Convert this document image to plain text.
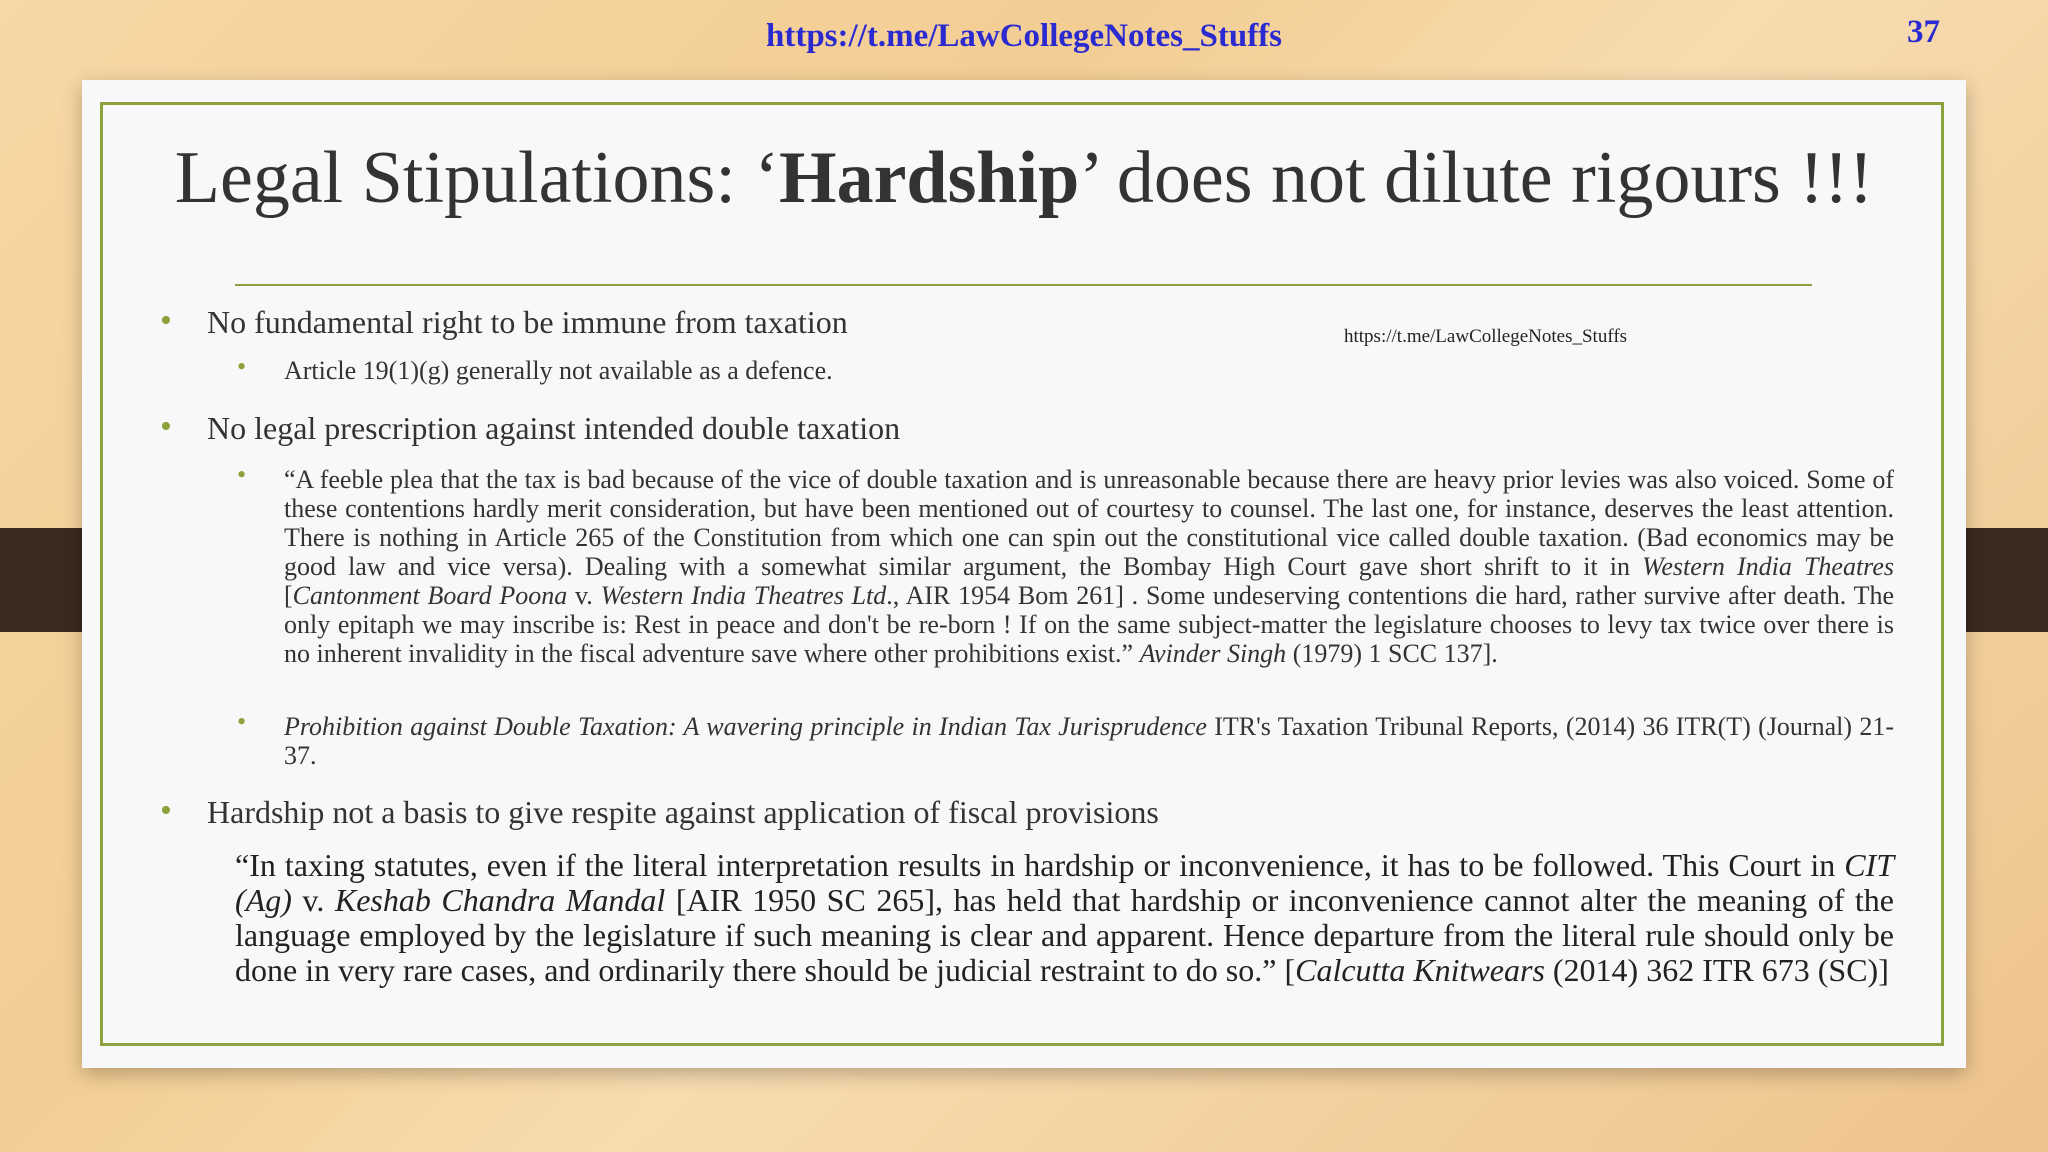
https://t.me/LawCollegeNotes_Stuffs	37
Legal Stipulations: ‘Hardship’ does not dilute rigours !!!
https://t.me/LawCollegeNotes_Stuffs
• No fundamental right to be immune from taxation
• Article 19(1)(g) generally not available as a defence.
• No legal prescription against intended double taxation
• “A feeble plea that the tax is bad because of the vice of double taxation and is unreasonable because there are heavy prior levies was also voiced. Some of these contentions hardly merit consideration, but have been mentioned out of courtesy to counsel. The last one, for instance, deserves the least attention. There is nothing in Article 265 of the Constitution from which one can spin out the constitutional vice called double taxation. (Bad economics may be good law and vice versa). Dealing with a somewhat similar argument, the Bombay High Court gave short shrift to it in Western India Theatres [Cantonment Board Poona v. Western India Theatres Ltd., AIR 1954 Bom 261] . Some undeserving contentions die hard, rather survive after death. The only epitaph we may inscribe is: Rest in peace and don't be re-born ! If on the same subject-matter the legislature chooses to levy tax twice over there is no inherent invalidity in the fiscal adventure save where other prohibitions exist.” Avinder Singh (1979) 1 SCC 137].
• Prohibition against Double Taxation: A wavering principle in Indian Tax Jurisprudence ITR's Taxation Tribunal Reports, (2014) 36 ITR(T) (Journal) 21-37.
• Hardship not a basis to give respite against application of fiscal provisions
“In taxing statutes, even if the literal interpretation results in hardship or inconvenience, it has to be followed. This Court in CIT (Ag) v. Keshab Chandra Mandal [AIR 1950 SC 265], has held that hardship or inconvenience cannot alter the meaning of the language employed by the legislature if such meaning is clear and apparent. Hence departure from the literal rule should only be done in very rare cases, and ordinarily there should be judicial restraint to do so.” [Calcutta Knitwears (2014) 362 ITR 673 (SC)]
